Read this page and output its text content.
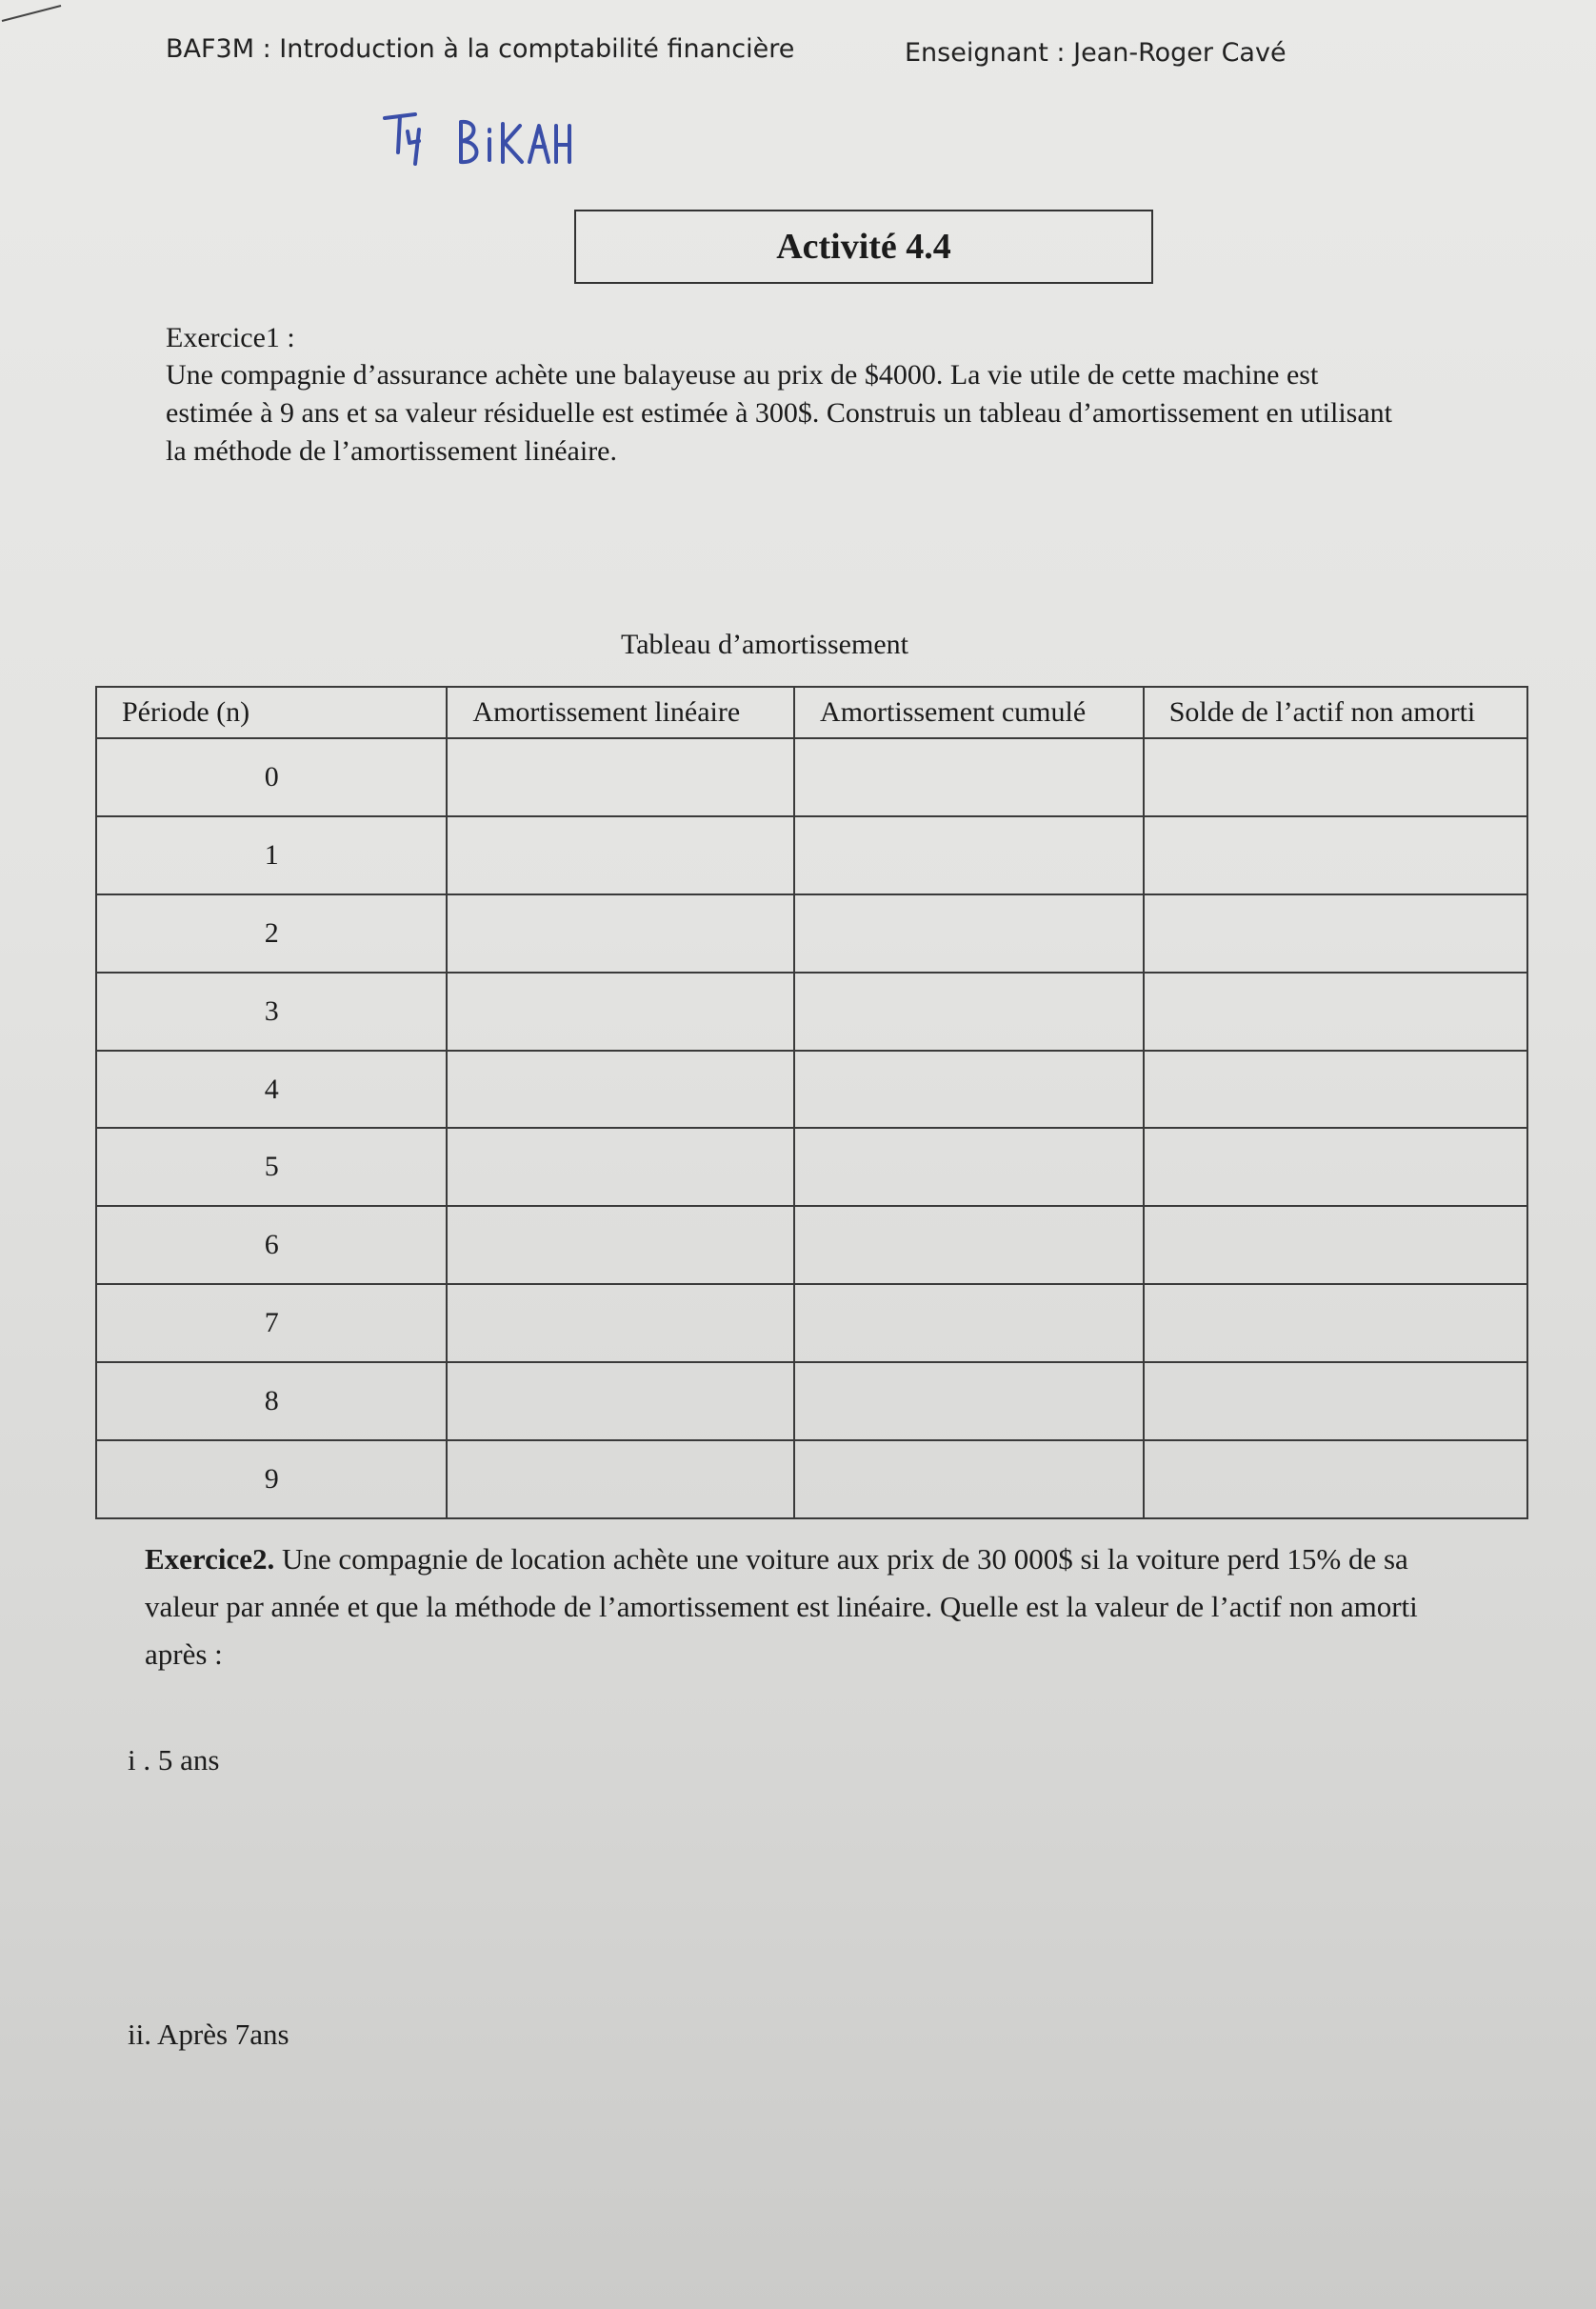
BAF3M : Introduction à la comptabilité financière	Enseignant : Jean-Roger Cavé
Activité 4.4
Exercice1 :
Une compagnie d’assurance achète une balayeuse au prix de $4000. La vie utile de cette machine est estimée à 9 ans et sa valeur résiduelle est estimée à 300$. Construis un tableau d’amortissement en utilisant la méthode de l’amortissement linéaire.
Tableau d’amortissement
Période (n)	Amortissement linéaire	Amortissement cumulé	Solde de l’actif non amorti
0			
1			
2			
3			
4			
5			
6			
7			
8			
9			
Exercice2. Une compagnie de location achète une voiture aux prix de 30 000$ si la voiture perd 15% de sa valeur par année et que la méthode de l’amortissement est linéaire. Quelle est la valeur de l’actif non amorti après :
i . 5 ans
ii. Après 7ans
